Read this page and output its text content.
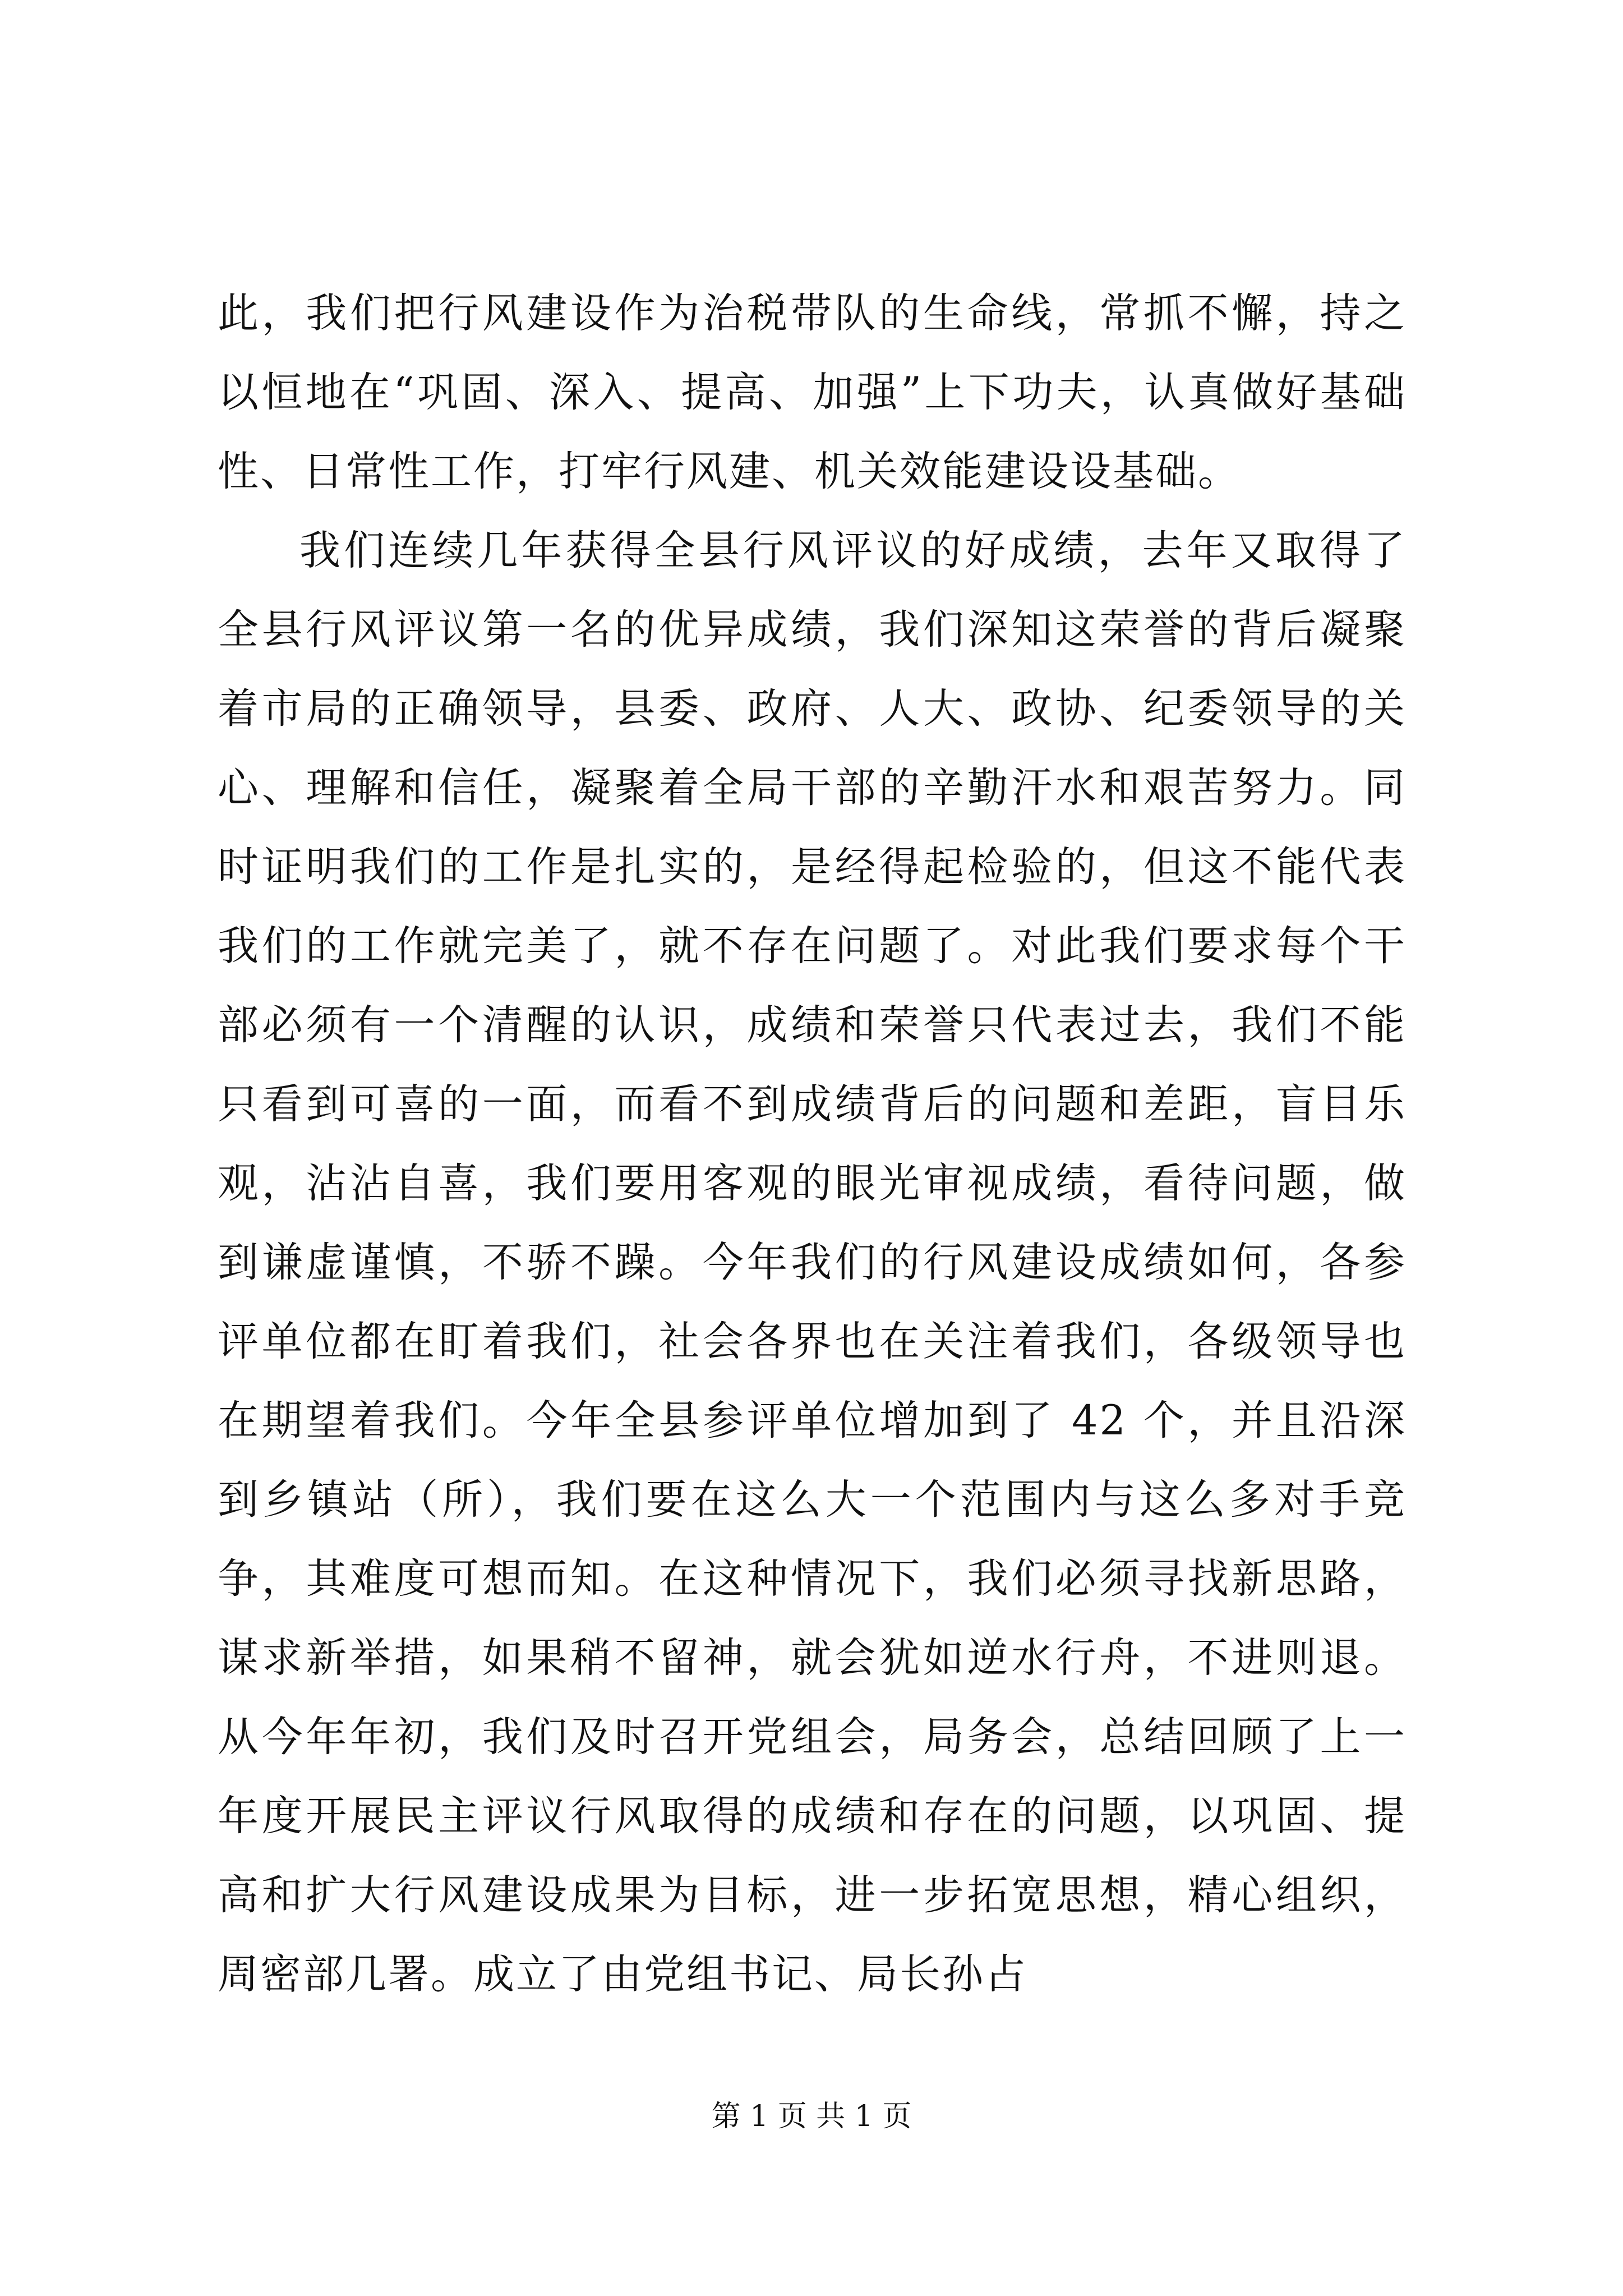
此，我们把行风建设作为治税带队的生命线，常抓不懈，持之以恒地在“巩固、深入、提高、加强”上下功夫，认真做好基础性、日常性工作，打牢行风建、机关效能建设设基础。

我们连续几年获得全县行风评议的好成绩，去年又取得了全县行风评议第一名的优异成绩，我们深知这荣誉的背后凝聚着市局的正确领导，县委、政府、人大、政协、纪委领导的关心、理解和信任，凝聚着全局干部的辛勤汗水和艰苦努力。同时证明我们的工作是扎实的，是经得起检验的，但这不能代表我们的工作就完美了，就不存在问题了。对此我们要求每个干部必须有一个清醒的认识，成绩和荣誉只代表过去，我们不能只看到可喜的一面，而看不到成绩背后的问题和差距，盲目乐观，沾沾自喜，我们要用客观的眼光审视成绩，看待问题，做到谦虚谨慎，不骄不躁。今年我们的行风建设成绩如何，各参评单位都在盯着我们，社会各界也在关注着我们，各级领导也在期望着我们。今年全县参评单位增加到了 42 个，并且沿深到乡镇站（所），我们要在这么大一个范围内与这么多对手竞争，其难度可想而知。在这种情况下，我们必须寻找新思路，谋求新举措，如果稍不留神，就会犹如逆水行舟，不进则退。从今年年初，我们及时召开党组会，局务会，总结回顾了上一年度开展民主评议行风取得的成绩和存在的问题，以巩固、提高和扩大行风建设成果为目标，进一步拓宽思想，精心组织，周密部几署。成立了由党组书记、局长孙占

第 1 页 共 1 页
